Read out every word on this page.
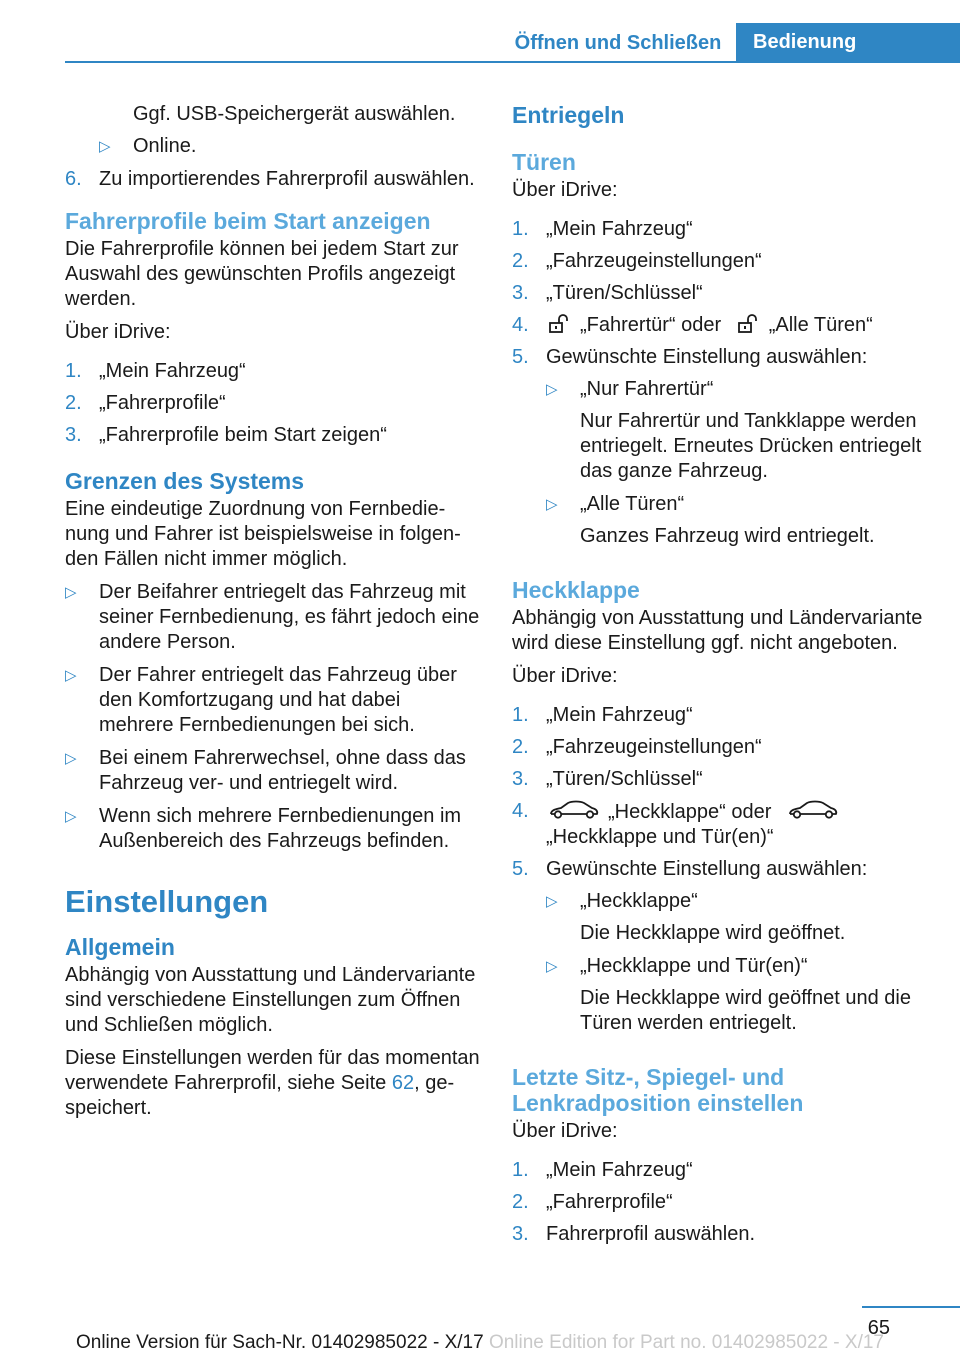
Öffnen und Schließen	Bedienung
Ggf. USB-Speichergerät auswählen.
▷	Online.
6. Zu importierendes Fahrerprofil auswählen.
Fahrerprofile beim Start anzeigen

Die Fahrerprofile können bei jedem Start zur Auswahl des gewünschten Profils angezeigt werden.

Über iDrive:

1. „Mein Fahrzeug“
2. „Fahrerprofile“
3. „Fahrerprofile beim Start zeigen“
Grenzen des Systems

Eine eindeutige Zuordnung von Fernbedie-nung und Fahrer ist beispielsweise in folgen-den Fällen nicht immer möglich.

▷	Der Beifahrer entriegelt das Fahrzeug mit seiner Fernbedienung, es fährt jedoch eine andere Person.
▷	Der Fahrer entriegelt das Fahrzeug über den Komfortzugang und hat dabei mehrere Fernbedienungen bei sich.
▷	Bei einem Fahrerwechsel, ohne dass das Fahrzeug ver- und entriegelt wird.
▷	Wenn sich mehrere Fernbedienungen im Außenbereich des Fahrzeugs befinden.
Einstellungen
Allgemein

Abhängig von Ausstattung und Ländervariante sind verschiedene Einstellungen zum Öffnen und Schließen möglich.

Diese Einstellungen werden für das momentan verwendete Fahrerprofil, siehe Seite 62, ge-speichert.

Entriegeln
Türen

Über iDrive:

1. „Mein Fahrzeug“
2. „Fahrzeugeinstellungen“
3. „Türen/Schlüssel“
4.	„Fahrertür“ oder „Alle Türen“
5. Gewünschte Einstellung auswählen:
▷	„Nur Fahrertür“
Nur Fahrertür und Tankklappe werden entriegelt. Erneutes Drücken entriegelt das ganze Fahrzeug.
▷	„Alle Türen“
Ganzes Fahrzeug wird entriegelt.
Heckklappe

Abhängig von Ausstattung und Ländervariante wird diese Einstellung ggf. nicht angeboten.

Über iDrive:

1. „Mein Fahrzeug“
2. „Fahrzeugeinstellungen“
3. „Türen/Schlüssel“
4.	„Heckklappe“ oder
„Heckklappe und Tür(en)“
5. Gewünschte Einstellung auswählen:
▷	„Heckklappe“
Die Heckklappe wird geöffnet.
▷	„Heckklappe und Tür(en)“
Die Heckklappe wird geöffnet und die Türen werden entriegelt.
Letzte Sitz-, Spiegel- und Lenkradposition einstellen

Über iDrive:

1. „Mein Fahrzeug“
2. „Fahrerprofile“
3. Fahrerprofil auswählen.
65
Online Version für Sach-Nr. 01402985022 - X/17 Online Edition for Part no. 01402985022 - X/17
